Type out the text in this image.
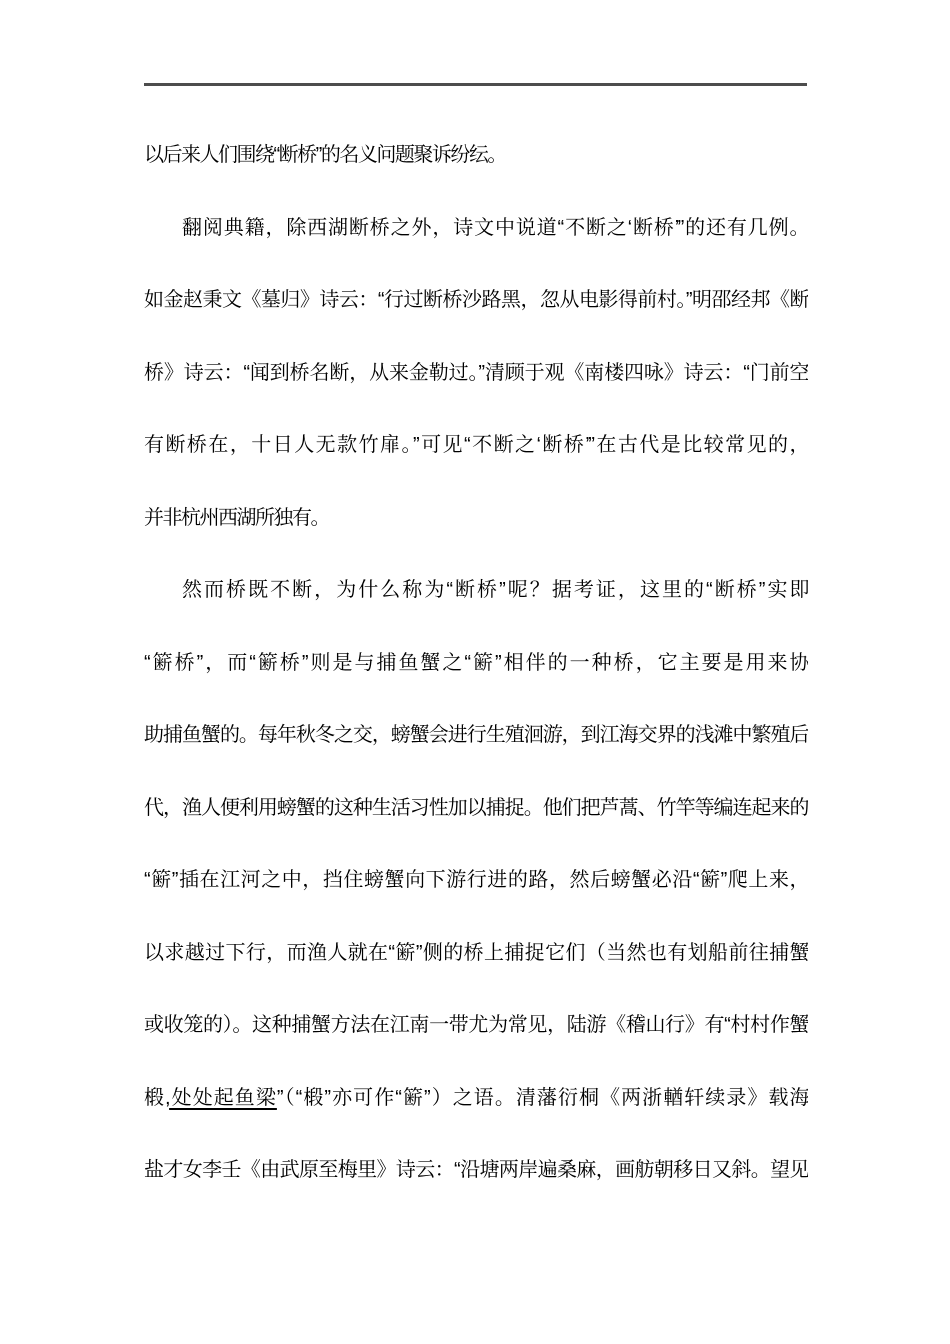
以后来人们围绕“断桥”的名义问题聚诉纷纭。
翻阅典籍，除西湖断桥之外，诗文中说道“不断之‘断桥’”的还有几例。
如金赵秉文《墓归》诗云：“行过断桥沙路黑，忽从电影得前村。”明邵经邦《断
桥》诗云：“闻到桥名断，从来金勒过。”清顾于观《南楼四咏》诗云：“门前空
有断桥在，十日人无款竹扉。”可见“不断之‘断桥’”在古代是比较常见的，
并非杭州西湖所独有。
然而桥既不断，为什么称为“断桥”呢？据考证，这里的“断桥”实即
“簖桥”，而“簖桥”则是与捕鱼蟹之“簖”相伴的一种桥，它主要是用来协
助捕鱼蟹的。每年秋冬之交，螃蟹会进行生殖洄游，到江海交界的浅滩中繁殖后
代，渔人便利用螃蟹的这种生活习性加以捕捉。他们把芦蒿、竹竿等编连起来的
“簖”插在江河之中，挡住螃蟹向下游行进的路，然后螃蟹必沿“簖”爬上来，
以求越过下行，而渔人就在“簖”侧的桥上捕捉它们（当然也有划船前往捕蟹
或收笼的）。这种捕蟹方法在江南一带尤为常见，陆游《稽山行》有“村村作蟹
椴,处处起鱼梁”（“椴”亦可作“簖”）之语。清藩衍桐《两浙輶轩续录》载海
盐才女李壬《由武原至梅里》诗云：“沿塘两岸遍桑麻，画舫朝移日又斜。望见
